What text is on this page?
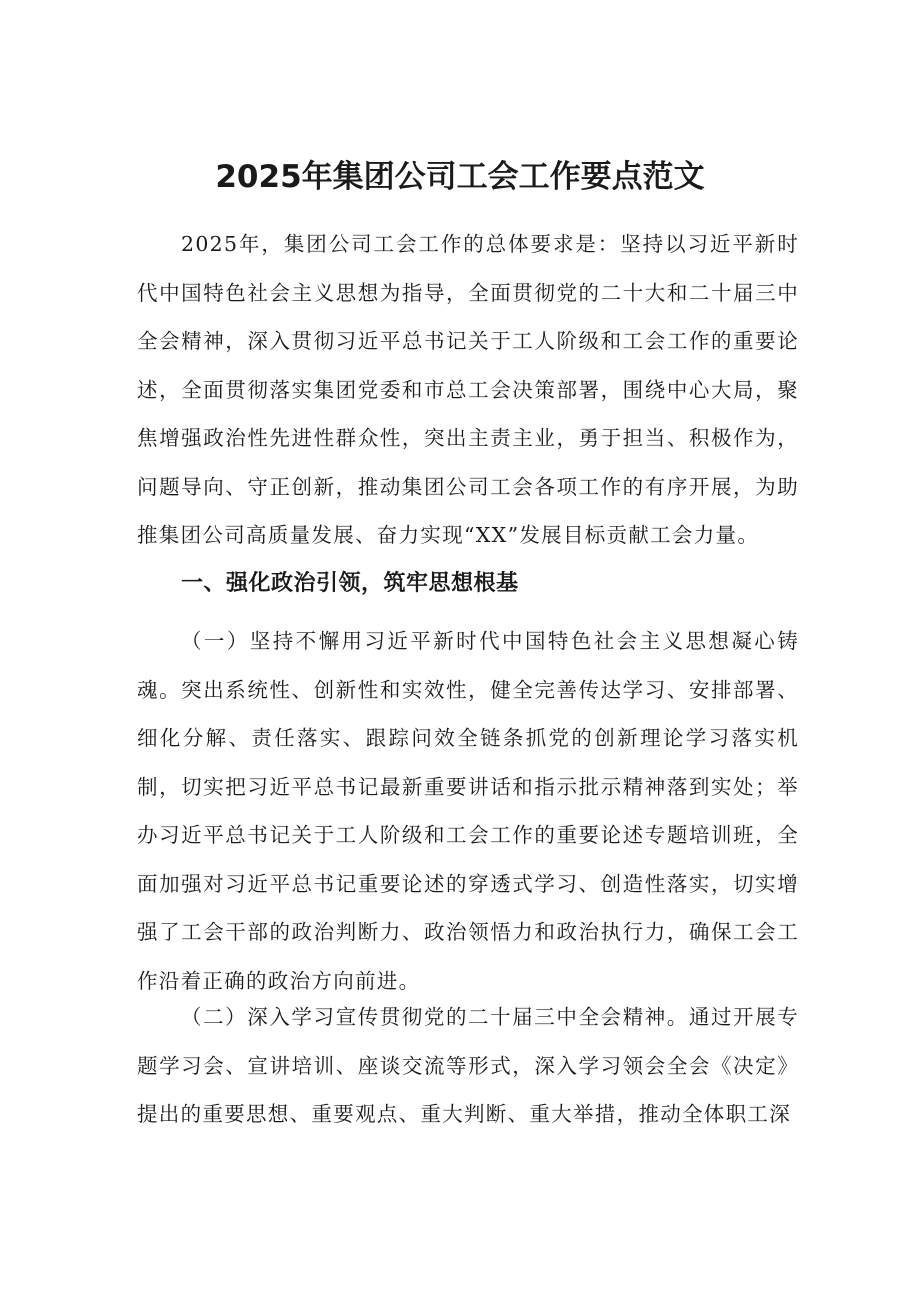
2025年集团公司工会工作要点范文

2025年，集团公司工会工作的总体要求是：坚持以习近平新时代中国特色社会主义思想为指导，全面贯彻党的二十大和二十届三中全会精神，深入贯彻习近平总书记关于工人阶级和工会工作的重要论述，全面贯彻落实集团党委和市总工会决策部署，围绕中心大局，聚焦增强政治性先进性群众性，突出主责主业，勇于担当、积极作为，问题导向、守正创新，推动集团公司工会各项工作的有序开展，为助推集团公司高质量发展、奋力实现“XX”发展目标贡献工会力量。

一、强化政治引领，筑牢思想根基

（一）坚持不懈用习近平新时代中国特色社会主义思想凝心铸魂。突出系统性、创新性和实效性，健全完善传达学习、安排部署、细化分解、责任落实、跟踪问效全链条抓党的创新理论学习落实机制，切实把习近平总书记最新重要讲话和指示批示精神落到实处；举办习近平总书记关于工人阶级和工会工作的重要论述专题培训班，全面加强对习近平总书记重要论述的穿透式学习、创造性落实，切实增强了工会干部的政治判断力、政治领悟力和政治执行力，确保工会工作沿着正确的政治方向前进。

（二）深入学习宣传贯彻党的二十届三中全会精神。通过开展专题学习会、宣讲培训、座谈交流等形式，深入学习领会全会《决定》提出的重要思想、重要观点、重大判断、重大举措，推动全体职工深
